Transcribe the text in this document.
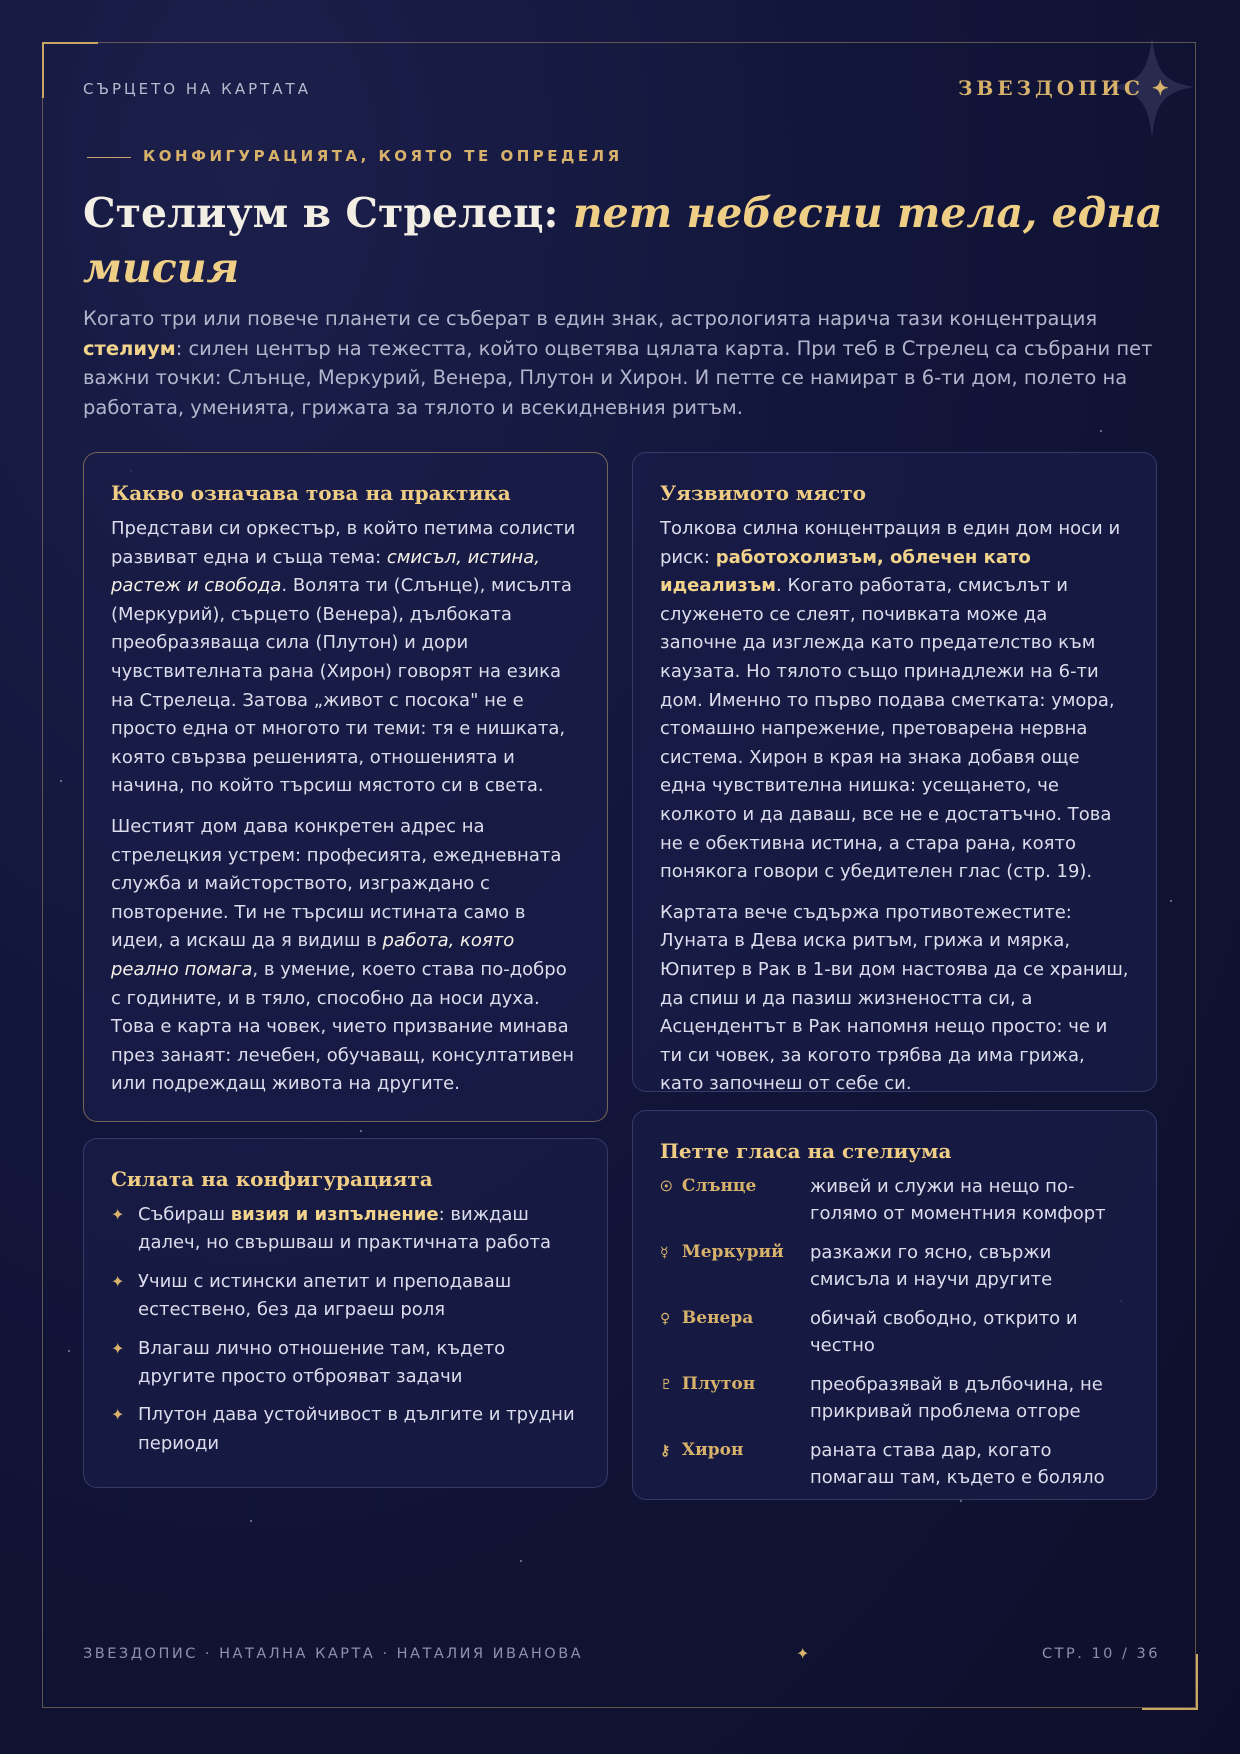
СЪРЦЕТО НА КАРТАТА	ЗВЕЗДОПИС ✦
КОНФИГУРАЦИЯТА, КОЯТО ТЕ ОПРЕДЕЛЯ
Стелиум в Стрелец: пет небесни тела, една мисия

Когато три или повече планети се съберат в един знак, астрологията нарича тази концентрация стелиум: силен център на тежестта, който оцветява цялата карта. При теб в Стрелец са събрани пет важни точки: Слънце, Меркурий, Венера, Плутон и Хирон. И петте се намират в 6-ти дом, полето на работата, уменията, грижата за тялото и всекидневния ритъм.

Какво означава това на практика

Представи си оркестър, в който петима солисти развиват една и съща тема: смисъл, истина, растеж и свобода. Волята ти (Слънце), мисълта (Меркурий), сърцето (Венера), дълбоката преобразяваща сила (Плутон) и дори чувствителната рана (Хирон) говорят на езика на Стрелеца. Затова „живот с посока" не е просто една от многото ти теми: тя е нишката, която свързва решенията, отношенията и начина, по който търсиш мястото си в света.

Шестият дом дава конкретен адрес на стрелецкия устрем: професията, ежедневната служба и майсторството, изграждано с повторение. Ти не търсиш истината само в идеи, а искаш да я видиш в работа, която реално помага, в умение, което става по-добро с годините, и в тяло, способно да носи духа. Това е карта на човек, чието призвание минава през занаят: лечебен, обучаващ, консултативен или подреждащ живота на другите.

Силата на конфигурацията
✦ Събираш визия и изпълнение: виждаш далеч, но свършваш и практичната работа
✦ Учиш с истински апетит и преподаваш естествено, без да играеш роля
✦ Влагаш лично отношение там, където другите просто отброяват задачи
✦ Плутон дава устойчивост в дългите и трудни периоди
Уязвимото място

Толкова силна концентрация в един дом носи и риск: работохолизъм, облечен като идеализъм. Когато работата, смисълът и служенето се слеят, почивката може да започне да изглежда като предателство към каузата. Но тялото също принадлежи на 6-ти дом. Именно то първо подава сметката: умора, стомашно напрежение, претоварена нервна система. Хирон в края на знака добавя още една чувствителна нишка: усещането, че колкото и да даваш, все не е достатъчно. Това не е обективна истина, а стара рана, която понякога говори с убедителен глас (стр. 19).

Картата вече съдържа противотежестите: Луната в Дева иска ритъм, грижа и мярка, Юпитер в Рак в 1-ви дом настоява да се храниш, да спиш и да пазиш жизнеността си, а Асцендентът в Рак напомня нещо просто: че и ти си човек, за когото трябва да има грижа, като започнеш от себе си.

Петте гласа на стелиума
☉ Слънце	живей и служи на нещо по-голямо от моментния комфорт
☿ Меркурий	разкажи го ясно, свържи смисъла и научи другите
♀ Венера	обичай свободно, открито и честно
♇ Плутон	преобразявай в дълбочина, не прикривай проблема отгоре
⚷ Хирон	раната става дар, когато помагаш там, където е боляло
ЗВЕЗДОПИС · НАТАЛНА КАРТА · НАТАЛИЯ ИВАНОВА	✦	СТР. 10 / 36
